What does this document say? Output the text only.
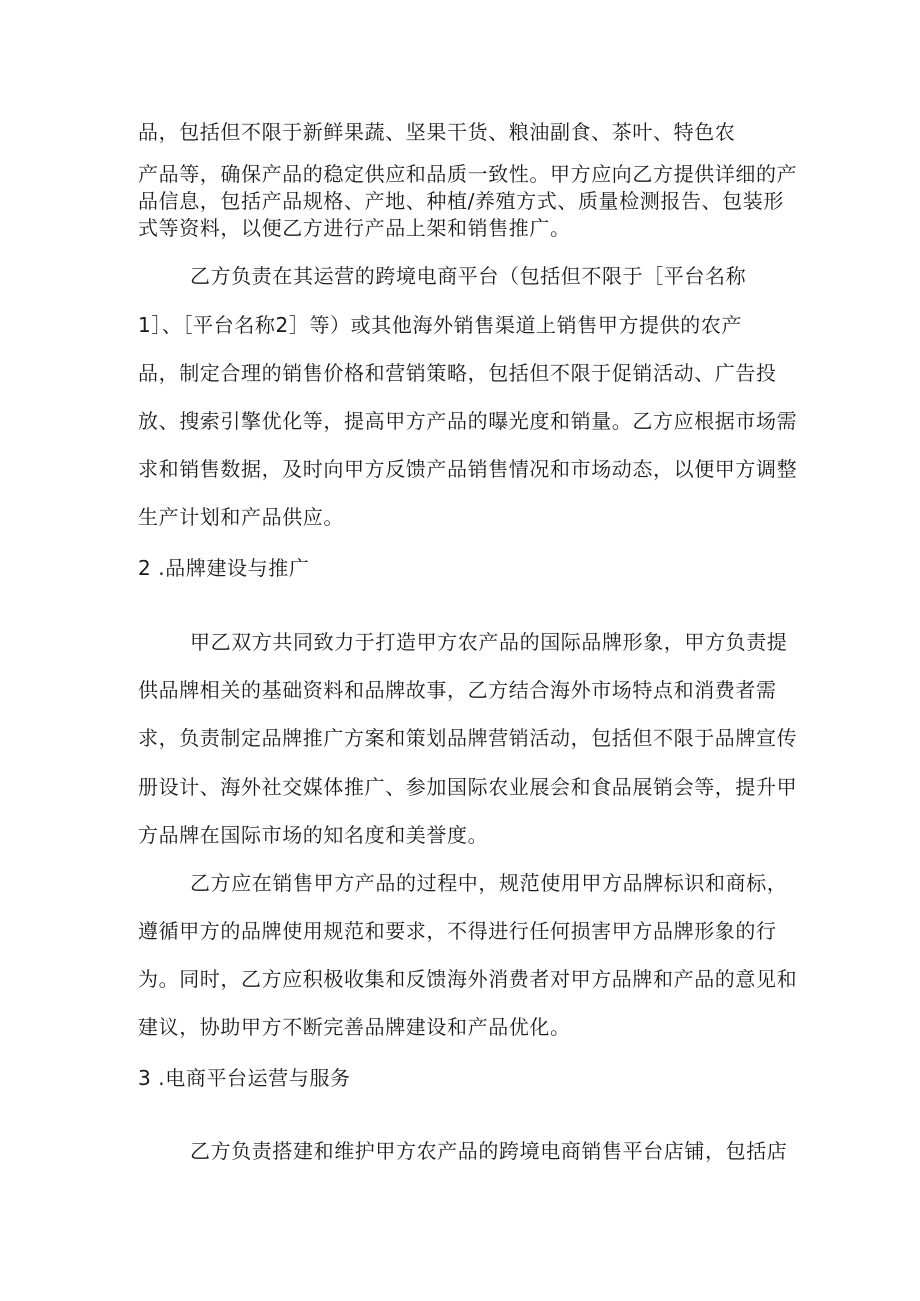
品，包括但不限于新鲜果蔬、坚果干货、粮油副食、茶叶、特色农
产品等，确保产品的稳定供应和品质一致性。甲方应向乙方提供详细的产
品信息，包括产品规格、产地、种植/养殖方式、质量检测报告、包装形
式等资料，以便乙方进行产品上架和销售推广。
乙方负责在其运营的跨境电商平台（包括但不限于［平台名称
1］、［平台名称2］等）或其他海外销售渠道上销售甲方提供的农产
品，制定合理的销售价格和营销策略，包括但不限于促销活动、广告投
放、搜索引擎优化等，提高甲方产品的曝光度和销量。乙方应根据市场需
求和销售数据，及时向甲方反馈产品销售情况和市场动态，以便甲方调整
生产计划和产品供应。
2 .品牌建设与推广
甲乙双方共同致力于打造甲方农产品的国际品牌形象，甲方负责提
供品牌相关的基础资料和品牌故事，乙方结合海外市场特点和消费者需
求，负责制定品牌推广方案和策划品牌营销活动，包括但不限于品牌宣传
册设计、海外社交媒体推广、参加国际农业展会和食品展销会等，提升甲
方品牌在国际市场的知名度和美誉度。
乙方应在销售甲方产品的过程中，规范使用甲方品牌标识和商标，
遵循甲方的品牌使用规范和要求，不得进行任何损害甲方品牌形象的行
为。同时，乙方应积极收集和反馈海外消费者对甲方品牌和产品的意见和
建议，协助甲方不断完善品牌建设和产品优化。
3 .电商平台运营与服务
乙方负责搭建和维护甲方农产品的跨境电商销售平台店铺，包括店
